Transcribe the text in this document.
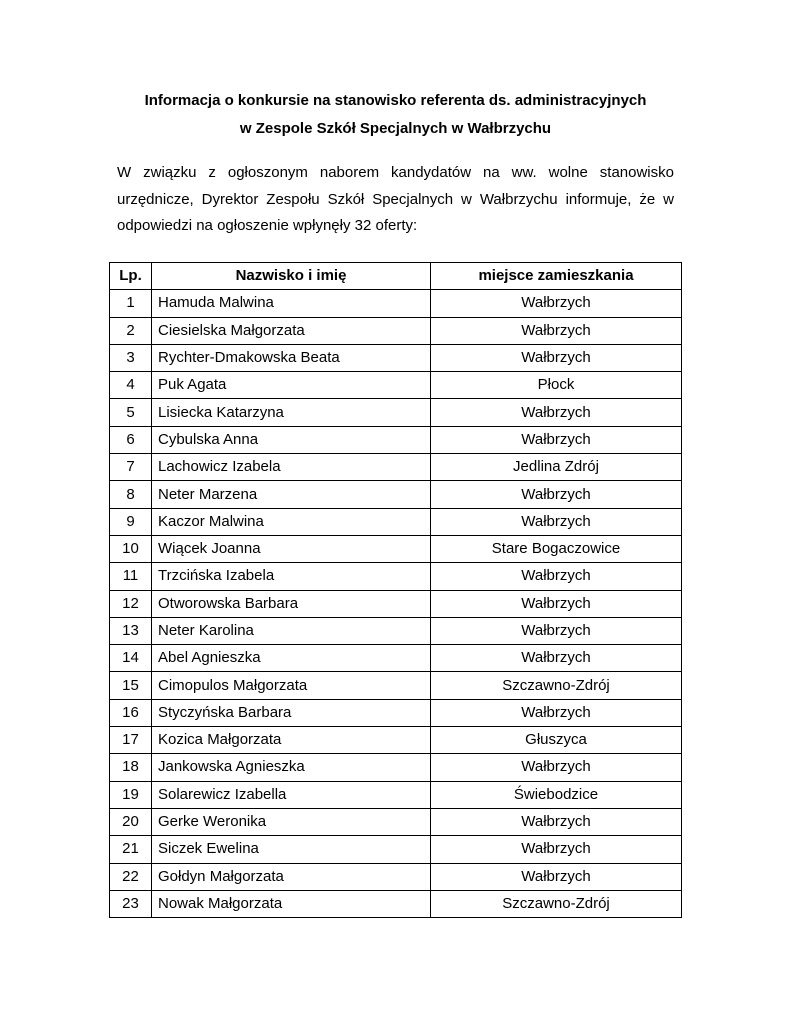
Informacja o konkursie na stanowisko referenta ds. administracyjnych
w Zespole Szkół Specjalnych w Wałbrzychu
W związku z ogłoszonym naborem kandydatów na ww. wolne stanowisko urzędnicze, Dyrektor Zespołu Szkół Specjalnych w Wałbrzychu informuje, że w odpowiedzi na ogłoszenie wpłynęły 32 oferty:
Lp.	Nazwisko i imię	miejsce zamieszkania
1	Hamuda Malwina	Wałbrzych
2	Ciesielska Małgorzata	Wałbrzych
3	Rychter-Dmakowska Beata	Wałbrzych
4	Puk Agata	Płock
5	Lisiecka Katarzyna	Wałbrzych
6	Cybulska Anna	Wałbrzych
7	Lachowicz Izabela	Jedlina Zdrój
8	Neter Marzena	Wałbrzych
9	Kaczor Malwina	Wałbrzych
10	Wiącek Joanna	Stare Bogaczowice
11	Trzcińska Izabela	Wałbrzych
12	Otworowska Barbara	Wałbrzych
13	Neter Karolina	Wałbrzych
14	Abel Agnieszka	Wałbrzych
15	Cimopulos Małgorzata	Szczawno-Zdrój
16	Styczyńska Barbara	Wałbrzych
17	Kozica Małgorzata	Głuszyca
18	Jankowska Agnieszka	Wałbrzych
19	Solarewicz Izabella	Świebodzice
20	Gerke Weronika	Wałbrzych
21	Siczek Ewelina	Wałbrzych
22	Gołdyn Małgorzata	Wałbrzych
23	Nowak Małgorzata	Szczawno-Zdrój
